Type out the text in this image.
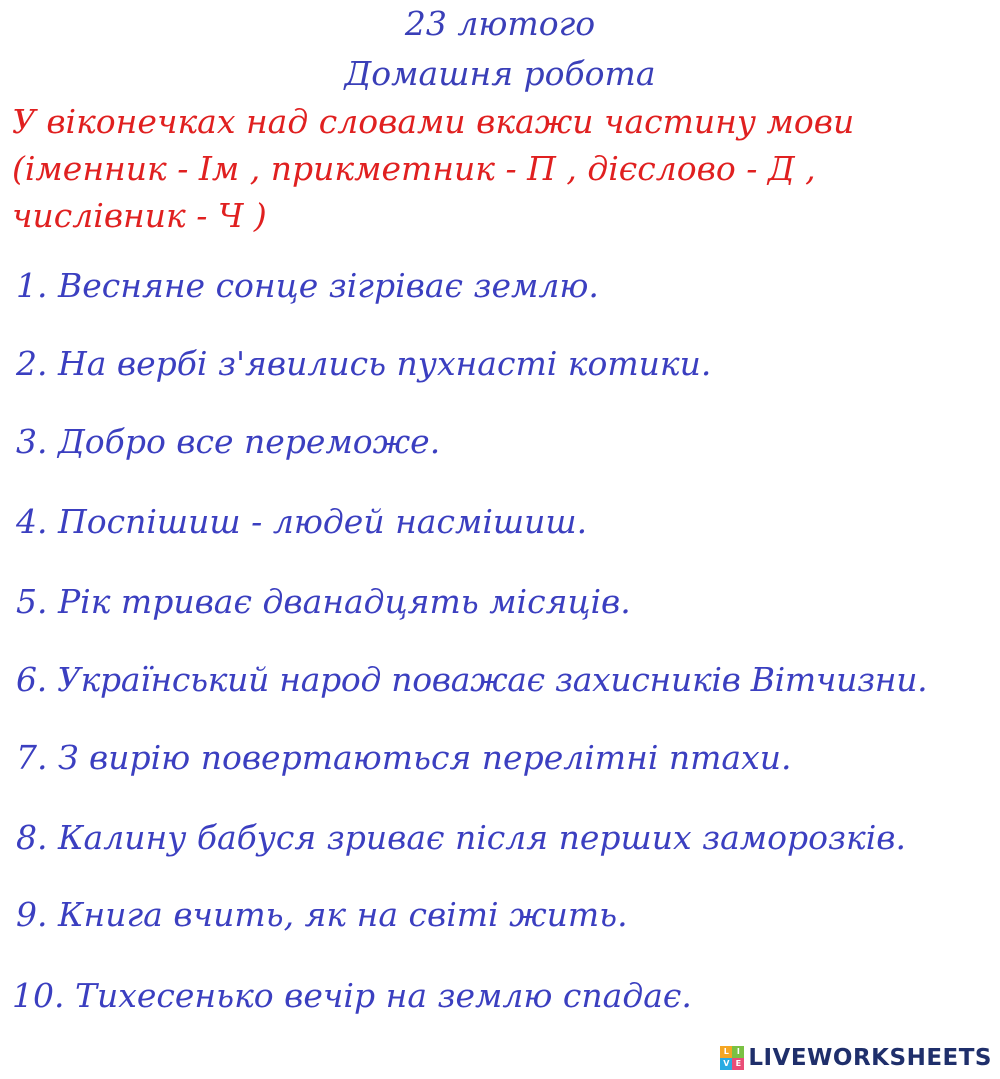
23 лютого
Домашня робота
У віконечках над словами вкажи частину мови
(іменник - Ім , прикметник - П , дієслово - Д ,
числівник - Ч )
1. Весняне сонце зігріває землю.
2. На вербі з'явились пухнасті котики.
3. Добро все переможе.
4. Поспішиш - людей насмішиш.
5. Рік триває дванадцять місяців.
6. Український народ поважає захисників Вітчизни.
7. З вирію повертаються перелітні птахи.
8. Калину бабуся зриває після перших заморозків.
9. Книга вчить, як на світі жить.
10. Тихесенько вечір на землю спадає.
L I
V E LIVEWORKSHEETS
